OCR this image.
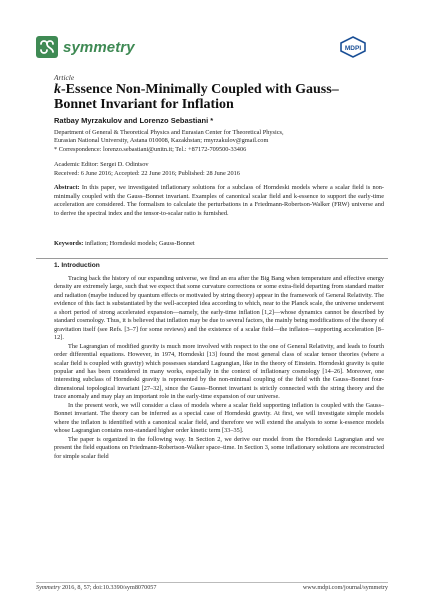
symmetry	MDPI
Article
k-Essence Non-Minimally Coupled with Gauss–Bonnet Invariant for Inflation
Ratbay Myrzakulov and Lorenzo Sebastiani *
Department of General & Theoretical Physics and Eurasian Center for Theoretical Physics,
Eurasian National University, Astana 010008, Kazakhstan; rmyrzakulov@gmail.com
* Correspondence: lorenzo.sebastiani@unitn.it; Tel.: +87172-709500-33406
Academic Editor: Sergei D. Odintsov
Received: 6 June 2016; Accepted: 22 June 2016; Published: 28 June 2016
Abstract: In this paper, we investigated inflationary solutions for a subclass of Horndeski models where a scalar field is non-minimally coupled with the Gauss–Bonnet invariant. Examples of canonical scalar field and k-essence to support the early-time acceleration are considered. The formalism to calculate the perturbations in a Friedmann-Robertson-Walker (FRW) universe and to derive the spectral index and the tensor-to-scalar ratio is furnished.
Keywords: inflation; Horndeski models; Gauss-Bonnet
1. Introduction

Tracing back the history of our expanding universe, we find an era after the Big Bang when temperature and effective energy density are extremely large, such that we expect that some curvature corrections or some extra-field departing from standard matter and radiation (maybe induced by quantum effects or motivated by string theory) appear in the framework of General Relativity. The evidence of this fact is substantiated by the well-accepted idea according to which, near to the Planck scale, the universe underwent a short period of strong accelerated expansion—namely, the early-time inflation [1,2]—whose dynamics cannot be described by standard cosmology. Thus, it is believed that inflation may be due to several factors, the mainly being modifications of the theory of gravitation itself (see Refs. [3–7] for some reviews) and the existence of a scalar field—the inflaton—supporting acceleration [8–12].

The Lagrangian of modified gravity is much more involved with respect to the one of General Relativity, and leads to fourth order differential equations. However, in 1974, Horndeski [13] found the most general class of scalar tensor theories (where a scalar field is coupled with gravity) which possesses standard Lagrangian, like in the theory of Einstein. Horndeski gravity is quite popular and has been considered in many works, especially in the context of inflationary cosmology [14–26]. Moreover, one interesting subclass of Horndeski gravity is represented by the non-minimal coupling of the field with the Gauss–Bonnet four-dimensional topological invariant [27–32], since the Gauss–Bonnet invariant is strictly connected with the string theory and the trace anomaly and may play an important role in the early-time expansion of our universe.

In the present work, we will consider a class of models where a scalar field supporting inflation is coupled with the Gauss–Bonnet invariant. The theory can be inferred as a special case of Horndeski gravity. At first, we will investigate simple models where the inflaton is identified with a canonical scalar field, and therefore we will extend the analysis to some k-essence models whose Lagrangian contains non-standard higher order kinetic term [33–35].

The paper is organized in the following way. In Section 2, we derive our model from the Horndeski Lagrangian and we present the field equations on Friedmann-Robertson-Walker space–time. In Section 3, some inflationary solutions are reconstructed for simple scalar field

Symmetry 2016, 8, 57; doi:10.3390/sym8070057	www.mdpi.com/journal/symmetry
